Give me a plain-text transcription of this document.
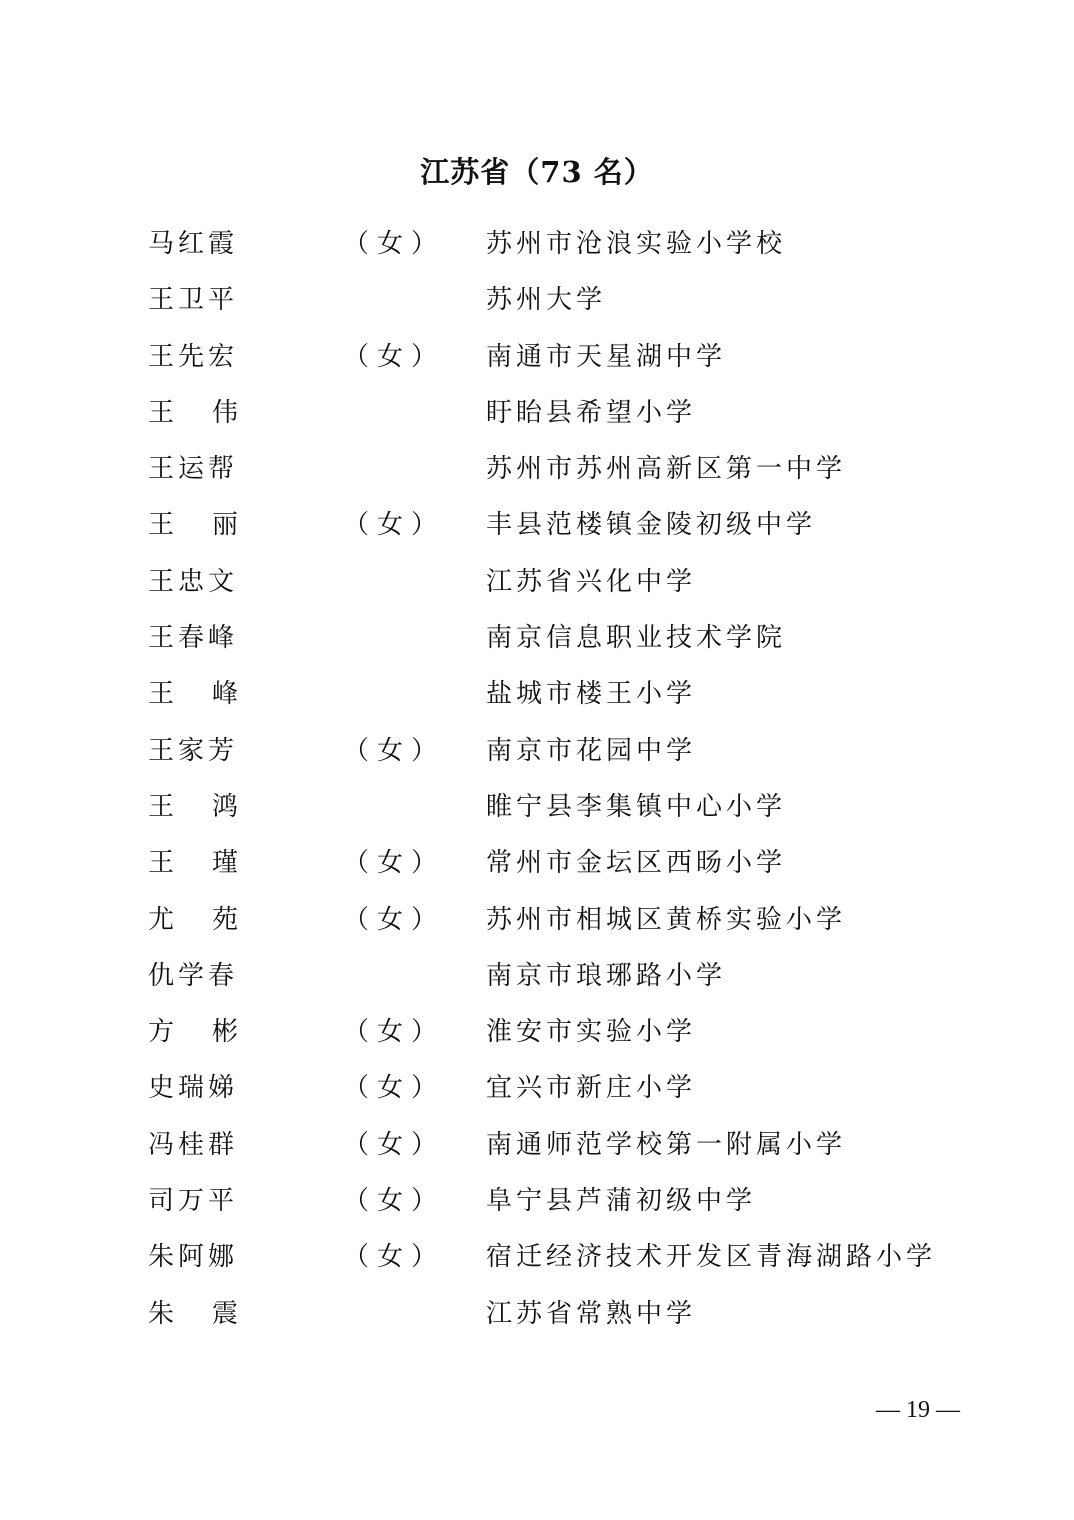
江苏省（73 名）
马红霞	（女） 苏州市沧浪实验小学校
王卫平	苏州大学
王先宏	（女） 南通市天星湖中学
王 伟	盱眙县希望小学
王运帮	苏州市苏州高新区第一中学
王 丽	（女） 丰县范楼镇金陵初级中学
王忠文	江苏省兴化中学
王春峰	南京信息职业技术学院
王 峰	盐城市楼王小学
王家芳	（女） 南京市花园中学
王 鸿	睢宁县李集镇中心小学
王 瑾	（女） 常州市金坛区西旸小学
尤 苑	（女） 苏州市相城区黄桥实验小学
仇学春	南京市琅琊路小学
方 彬	（女） 淮安市实验小学
史瑞娣	（女） 宜兴市新庄小学
冯桂群	（女） 南通师范学校第一附属小学
司万平	（女） 阜宁县芦蒲初级中学
朱阿娜	（女） 宿迁经济技术开发区青海湖路小学
朱 震	江苏省常熟中学
— 19 —
